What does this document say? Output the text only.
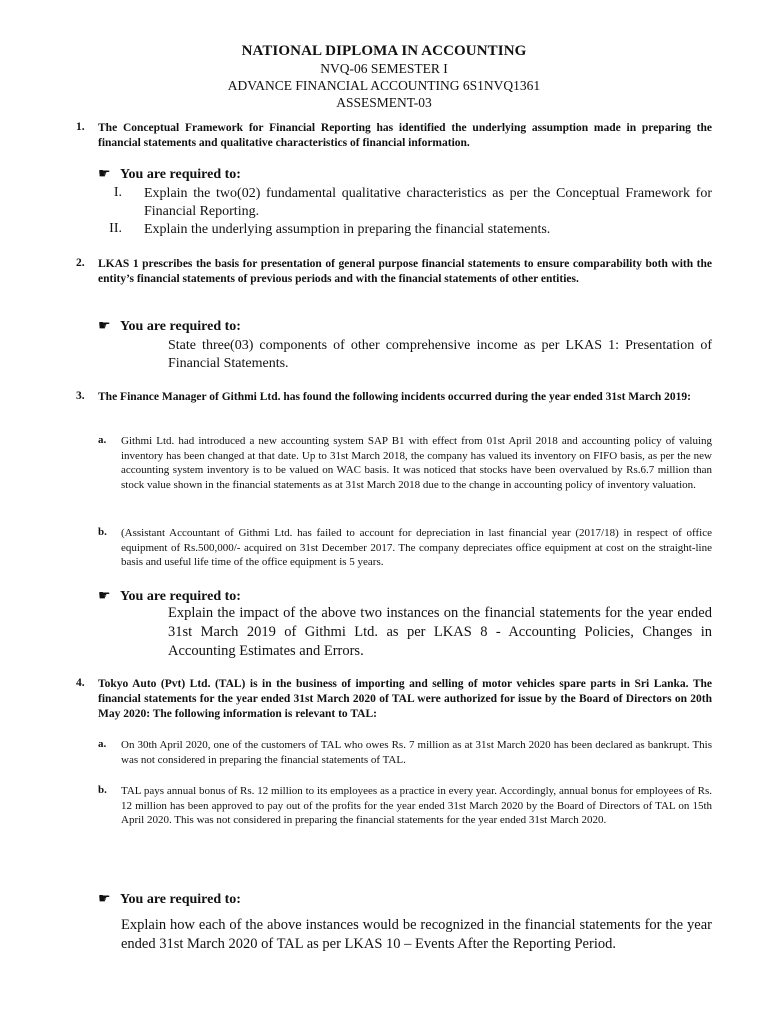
NATIONAL DIPLOMA IN ACCOUNTING
NVQ-06 SEMESTER I
ADVANCE FINANCIAL ACCOUNTING 6S1NVQ1361
ASSESMENT-03
1. The Conceptual Framework for Financial Reporting has identified the underlying assumption made in preparing the financial statements and qualitative characteristics of financial information.
☛ You are required to:
I. Explain the two(02) fundamental qualitative characteristics as per the Conceptual Framework for Financial Reporting.
II. Explain the underlying assumption in preparing the financial statements.
2. LKAS 1 prescribes the basis for presentation of general purpose financial statements to ensure comparability both with the entity’s financial statements of previous periods and with the financial statements of other entities.
☛ You are required to:
State three(03) components of other comprehensive income as per LKAS 1: Presentation of Financial Statements.
3. The Finance Manager of Githmi Ltd. has found the following incidents occurred during the year ended 31st March 2019:
a. Githmi Ltd. had introduced a new accounting system SAP B1 with effect from 01st April 2018 and accounting policy of valuing inventory has been changed at that date. Up to 31st March 2018, the company has valued its inventory on FIFO basis, as per the new accounting system inventory is to be valued on WAC basis. It was noticed that stocks have been overvalued by Rs.6.7 million than stock value shown in the financial statements as at 31st March 2018 due to the change in accounting policy of inventory valuation.
b. (Assistant Accountant of Githmi Ltd. has failed to account for depreciation in last financial year (2017/18) in respect of office equipment of Rs.500,000/- acquired on 31st December 2017. The company depreciates office equipment at cost on the straight-line basis and useful life time of the office equipment is 5 years.
☛ You are required to:
Explain the impact of the above two instances on the financial statements for the year ended 31st March 2019 of Githmi Ltd. as per LKAS 8 - Accounting Policies, Changes in Accounting Estimates and Errors.
4. Tokyo Auto (Pvt) Ltd. (TAL) is in the business of importing and selling of motor vehicles spare parts in Sri Lanka. The financial statements for the year ended 31st March 2020 of TAL were authorized for issue by the Board of Directors on 20th May 2020: The following information is relevant to TAL:
a. On 30th April 2020, one of the customers of TAL who owes Rs. 7 million as at 31st March 2020 has been declared as bankrupt. This was not considered in preparing the financial statements of TAL.
b. TAL pays annual bonus of Rs. 12 million to its employees as a practice in every year. Accordingly, annual bonus for employees of Rs. 12 million has been approved to pay out of the profits for the year ended 31st March 2020 by the Board of Directors of TAL on 15th April 2020. This was not considered in preparing the financial statements for the year ended 31st March 2020.
☛ You are required to:
Explain how each of the above instances would be recognized in the financial statements for the year ended 31st March 2020 of TAL as per LKAS 10 – Events After the Reporting Period.
